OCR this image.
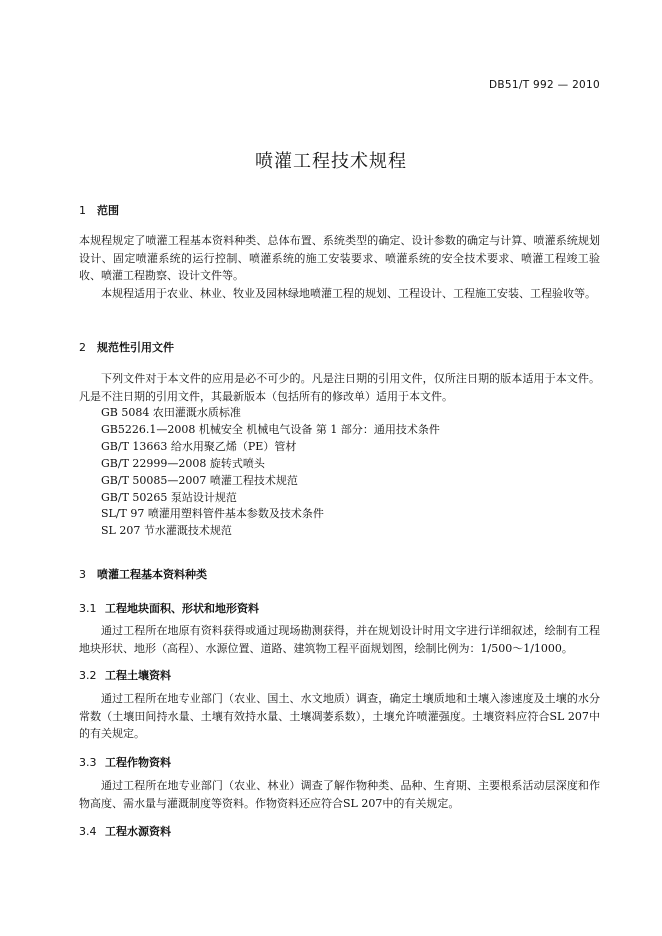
DB51/T 992 — 2010
喷灌工程技术规程
1 范围
本规程规定了喷灌工程基本资料种类、总体布置、系统类型的确定、设计参数的确定与计算、喷灌系统规划设计、固定喷灌系统的运行控制、喷灌系统的施工安装要求、喷灌系统的安全技术要求、喷灌工程竣工验收、喷灌工程勘察、设计文件等。
本规程适用于农业、林业、牧业及园林绿地喷灌工程的规划、工程设计、工程施工安装、工程验收等。
2 规范性引用文件
下列文件对于本文件的应用是必不可少的。凡是注日期的引用文件，仅所注日期的版本适用于本文件。凡是不注日期的引用文件，其最新版本（包括所有的修改单）适用于本文件。
GB 5084 农田灌溉水质标准
GB5226.1—2008 机械安全 机械电气设备 第 1 部分：通用技术条件
GB/T 13663 给水用聚乙烯（PE）管材
GB/T 22999—2008 旋转式喷头
GB/T 50085—2007 喷灌工程技术规范
GB/T 50265 泵站设计规范
SL/T 97 喷灌用塑料管件基本参数及技术条件
SL 207 节水灌溉技术规范
3 喷灌工程基本资料种类
3.1 工程地块面积、形状和地形资料
通过工程所在地原有资料获得或通过现场勘测获得，并在规划设计时用文字进行详细叙述，绘制有工程地块形状、地形（高程）、水源位置、道路、建筑物工程平面规划图，绘制比例为：1/500～1/1000。
3.2 工程土壤资料
通过工程所在地专业部门（农业、国土、水文地质）调查，确定土壤质地和土壤入渗速度及土壤的水分常数（土壤田间持水量、土壤有效持水量、土壤凋萎系数），土壤允许喷灌强度。土壤资料应符合SL 207中的有关规定。
3.3 工程作物资料
通过工程所在地专业部门（农业、林业）调查了解作物种类、品种、生育期、主要根系活动层深度和作物高度、需水量与灌溉制度等资料。作物资料还应符合SL 207中的有关规定。
3.4 工程水源资料
